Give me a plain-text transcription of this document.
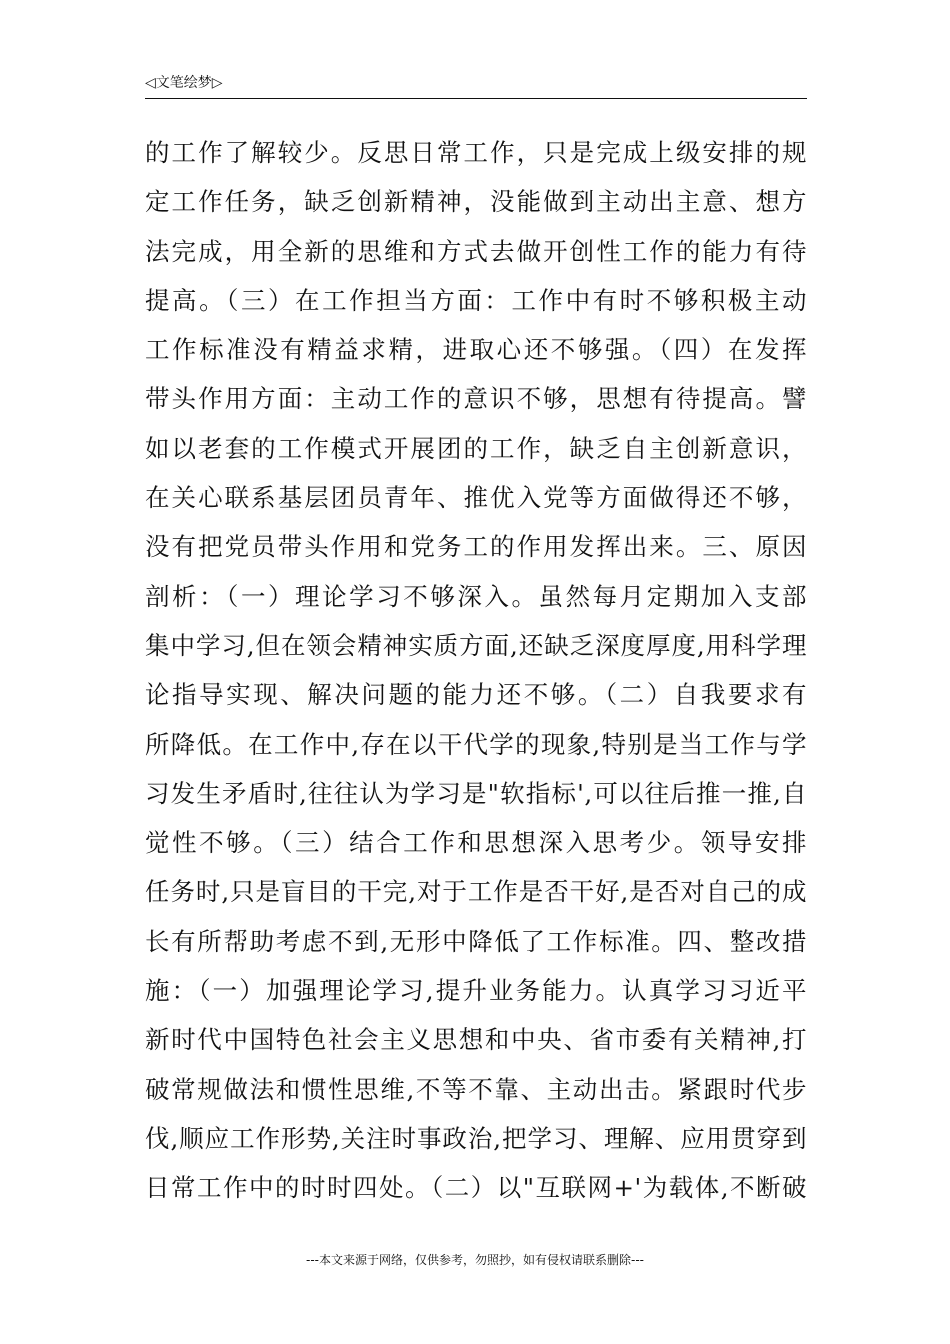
◁文笔绘梦▷
的工作了解较少。反思日常工作，只是完成上级安排的规
定工作任务，缺乏创新精神，没能做到主动出主意、想方
法完成，用全新的思维和方式去做开创性工作的能力有待
提高。（三）在工作担当方面：工作中有时不够积极主动
工作标准没有精益求精，进取心还不够强。（四）在发挥
带头作用方面：主动工作的意识不够，思想有待提高。譬
如以老套的工作模式开展团的工作，缺乏自主创新意识，
在关心联系基层团员青年、推优入党等方面做得还不够，
没有把党员带头作用和党务工的作用发挥出来。三、原因
剖析：（一）理论学习不够深入。虽然每月定期加入支部
集中学习,但在领会精神实质方面,还缺乏深度厚度,用科学理
论指导实现、解决问题的能力还不够。（二）自我要求有
所降低。在工作中,存在以干代学的现象,特别是当工作与学
习发生矛盾时,往往认为学习是"软指标',可以往后推一推,自
觉性不够。（三）结合工作和思想深入思考少。领导安排
任务时,只是盲目的干完,对于工作是否干好,是否对自己的成
长有所帮助考虑不到,无形中降低了工作标准。四、整改措
施：（一）加强理论学习,提升业务能力。认真学习习近平
新时代中国特色社会主义思想和中央、省市委有关精神,打
破常规做法和惯性思维,不等不靠、主动出击。紧跟时代步
伐,顺应工作形势,关注时事政治,把学习、理解、应用贯穿到
日常工作中的时时四处。（二）以"互联网+'为载体,不断破
---本文来源于网络，仅供参考，勿照抄，如有侵权请联系删除---
